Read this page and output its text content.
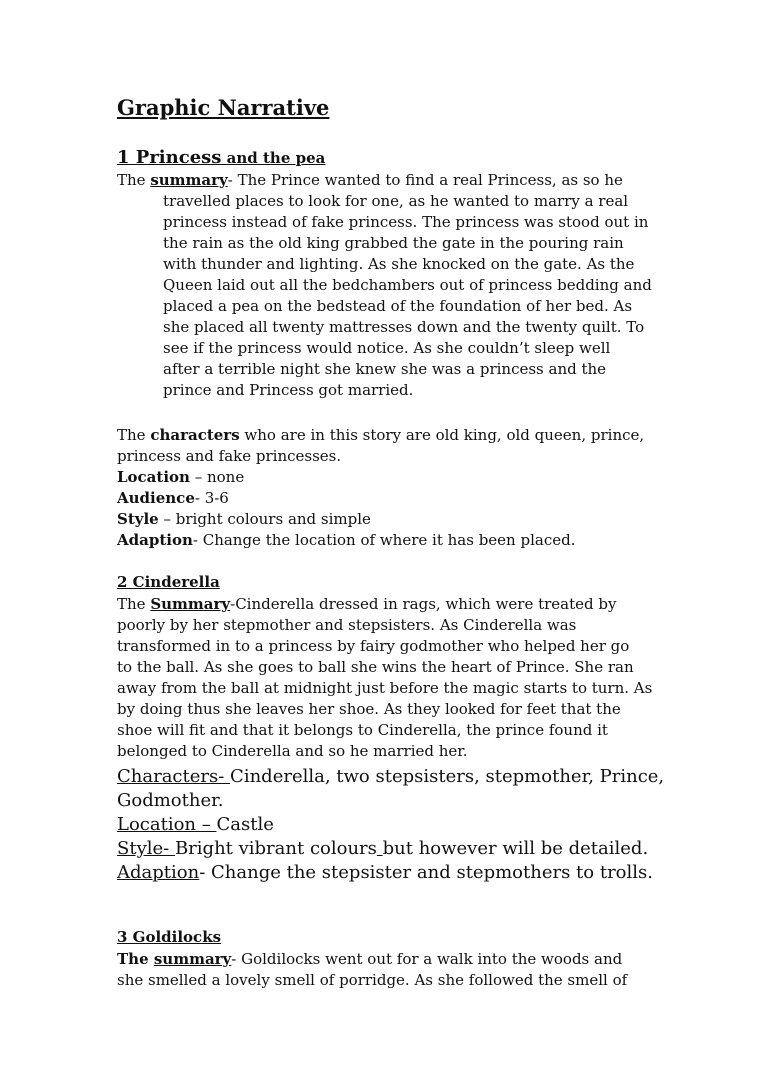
Graphic Narrative
1 Princess and the pea
The summary- The Prince wanted to find a real Princess, as so he
travelled places to look for one, as he wanted to marry a real
princess instead of fake princess. The princess was stood out in
the rain as the old king grabbed the gate in the pouring rain
with thunder and lighting. As she knocked on the gate. As the
Queen laid out all the bedchambers out of princess bedding and
placed a pea on the bedstead of the foundation of her bed. As
she placed all twenty mattresses down and the twenty quilt. To
see if the princess would notice. As she couldn’t sleep well
after a terrible night she knew she was a princess and the
prince and Princess got married.
The characters who are in this story are old king, old queen, prince,
princess and fake princesses.
Location – none
Audience- 3-6
Style – bright colours and simple
Adaption- Change the location of where it has been placed.
2 Cinderella
The Summary-Cinderella dressed in rags, which were treated by
poorly by her stepmother and stepsisters. As Cinderella was
transformed in to a princess by fairy godmother who helped her go
to the ball. As she goes to ball she wins the heart of Prince. She ran
away from the ball at midnight just before the magic starts to turn. As
by doing thus she leaves her shoe. As they looked for feet that the
shoe will fit and that it belongs to Cinderella, the prince found it
belonged to Cinderella and so he married her.
Characters- Cinderella, two stepsisters, stepmother, Prince,
Godmother.
Location – Castle
Style- Bright vibrant colours but however will be detailed.
Adaption- Change the stepsister and stepmothers to trolls.
3 Goldilocks
The summary- Goldilocks went out for a walk into the woods and
she smelled a lovely smell of porridge. As she followed the smell of
